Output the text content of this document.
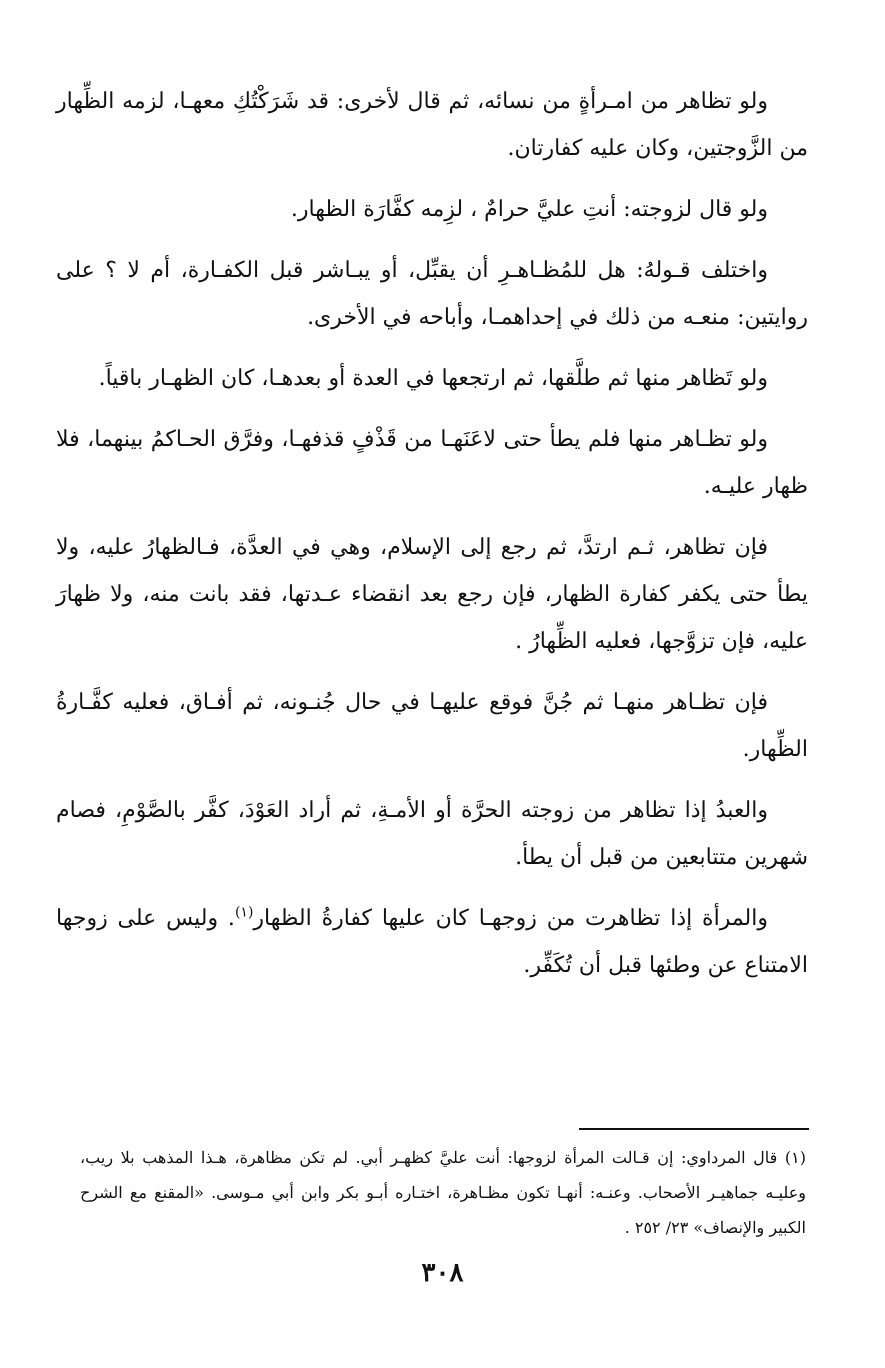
ولو تظاهر من امـرأةٍ من نسائه، ثم قال لأخرى: قد شَرَكْتُكِ معهـا، لزمه الظِّهار من الزَّوجتين، وكان عليه كفارتان.

ولو قال لزوجته: أنتِ عليَّ حرامٌ ، لزِمه كفَّارَة الظهار.

واختلف قـولهُ: هل للمُظـاهـرِ أن يقبِّل، أو يبـاشر قبل الكفـارة، أم لا ؟ على روايتين: منعـه من ذلك في إحداهمـا، وأباحه في الأخرى.

ولو تَظاهر منها ثم طلَّقها، ثم ارتجعها في العدة أو بعدهـا، كان الظهـار باقياً.

ولو تظـاهر منها فلم يطأ حتى لاعَنَهـا من قَذْفٍ قذفهـا، وفرَّق الحـاكمُ بينهما، فلا ظهار عليـه.

فإن تظاهر، ثـم ارتدَّ، ثم رجع إلى الإسلام، وهي في العدَّة، فـالظهارُ عليه، ولا يطأ حتى يكفر كفارة الظهار، فإن رجع بعد انقضاء عـدتها، فقد بانت منه، ولا ظهارَ عليه، فإن تزوَّجها، فعليه الظِّهارُ .

فإن تظـاهر منهـا ثم جُنَّ فوقع عليهـا في حال جُنـونه، ثم أفـاق، فعليه كفَّـارةُ الظِّهار.

والعبدُ إذا تظاهر من زوجته الحرَّة أو الأمـةِ، ثم أراد العَوْدَ، كفَّر بالصَّوْمِ، فصام شهرين متتابعين من قبل أن يطأ.

والمرأة إذا تظاهرت من زوجهـا كان عليها كفارةُ الظهار$^{(١)}$. وليس على زوجها الامتناع عن وطئها قبل أن تُكَفِّر.

(١) قال المرداوي: إن قـالت المرأة لزوجها: أنت عليَّ كظهـر أبي. لم تكن مظاهرة، هـذا المذهب بلا ريب، وعليـه جماهيـر الأصحاب. وعنـه: أنهـا تكون مظـاهرة، اختـاره أبـو بكر وابن أبي مـوسى. «المقنع مع الشرح الكبير والإنصاف» ٢٣/ ٢٥٢ .
٣٠٨
